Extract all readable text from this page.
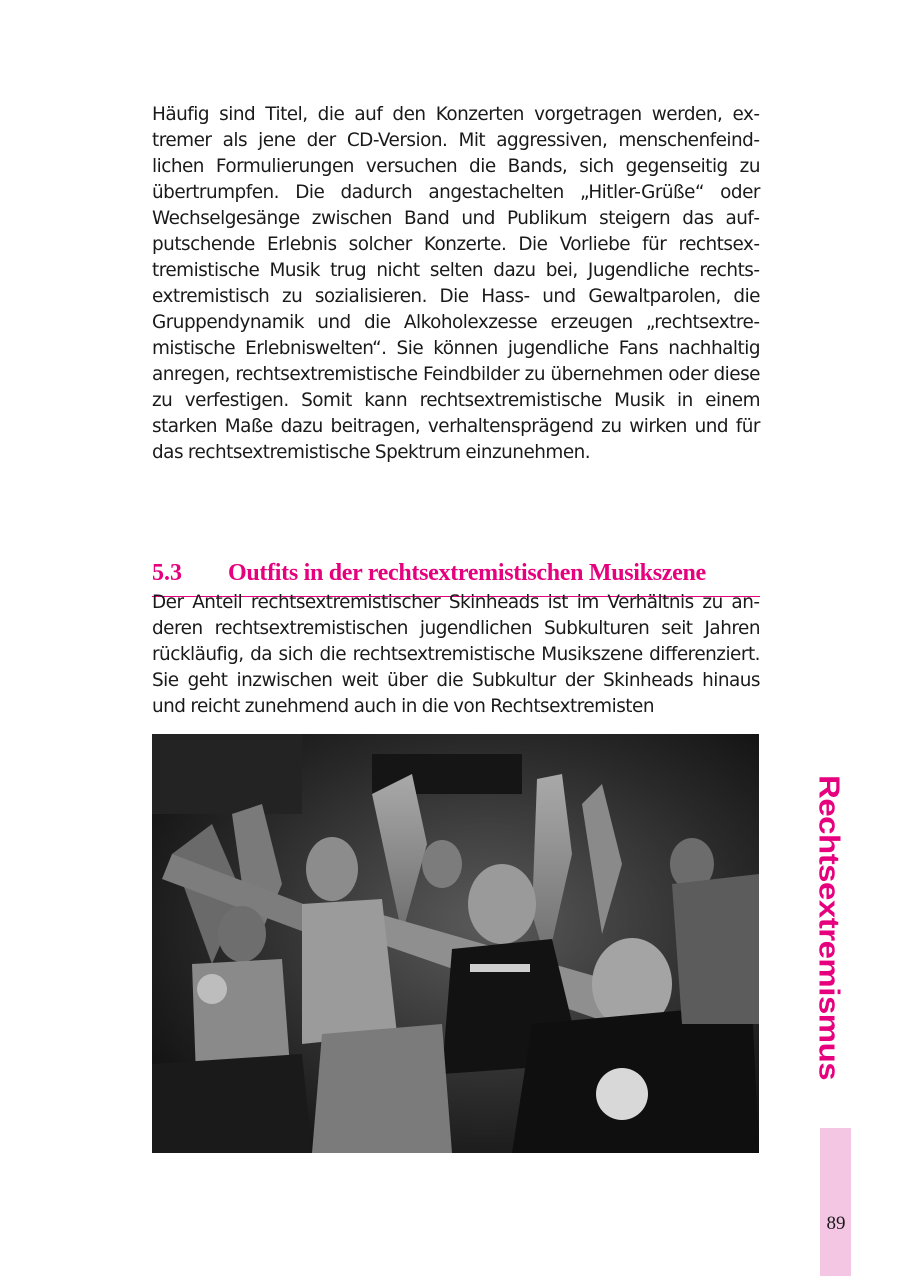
Häufig sind Titel, die auf den Konzerten vorgetragen werden, extremer als jene der CD-Version. Mit aggressiven, menschenfeindlichen Formulierungen versuchen die Bands, sich gegenseitig zu übertrumpfen. Die dadurch angestachelten „Hitler-Grüße“ oder Wechselgesänge zwischen Band und Publikum steigern das aufputschende Erlebnis solcher Konzerte. Die Vorliebe für rechtsextremistische Musik trug nicht selten dazu bei, Jugendliche rechtsextremistisch zu sozialisieren. Die Hass- und Gewaltparolen, die Gruppendynamik und die Alkoholexzesse erzeugen „rechtsextremistische Erlebniswelten“. Sie können jugendliche Fans nachhaltig anregen, rechtsextremistische Feindbilder zu übernehmen oder diese zu verfestigen. Somit kann rechtsextremistische Musik in einem starken Maße dazu beitragen, verhaltensprägend zu wirken und für das rechtsextremistische Spektrum einzunehmen.

5.3	Outfits in der rechtsextremistischen Musikszene

Der Anteil rechtsextremistischer Skinheads ist im Verhältnis zu anderen rechtsextremistischen jugendlichen Subkulturen seit Jahren rückläufig, da sich die rechtsextremistische Musikszene differenziert. Sie geht inzwischen weit über die Subkultur der Skinheads hinaus und reicht zunehmend auch in die von Rechtsextremisten

Rechtsextremismus
89
